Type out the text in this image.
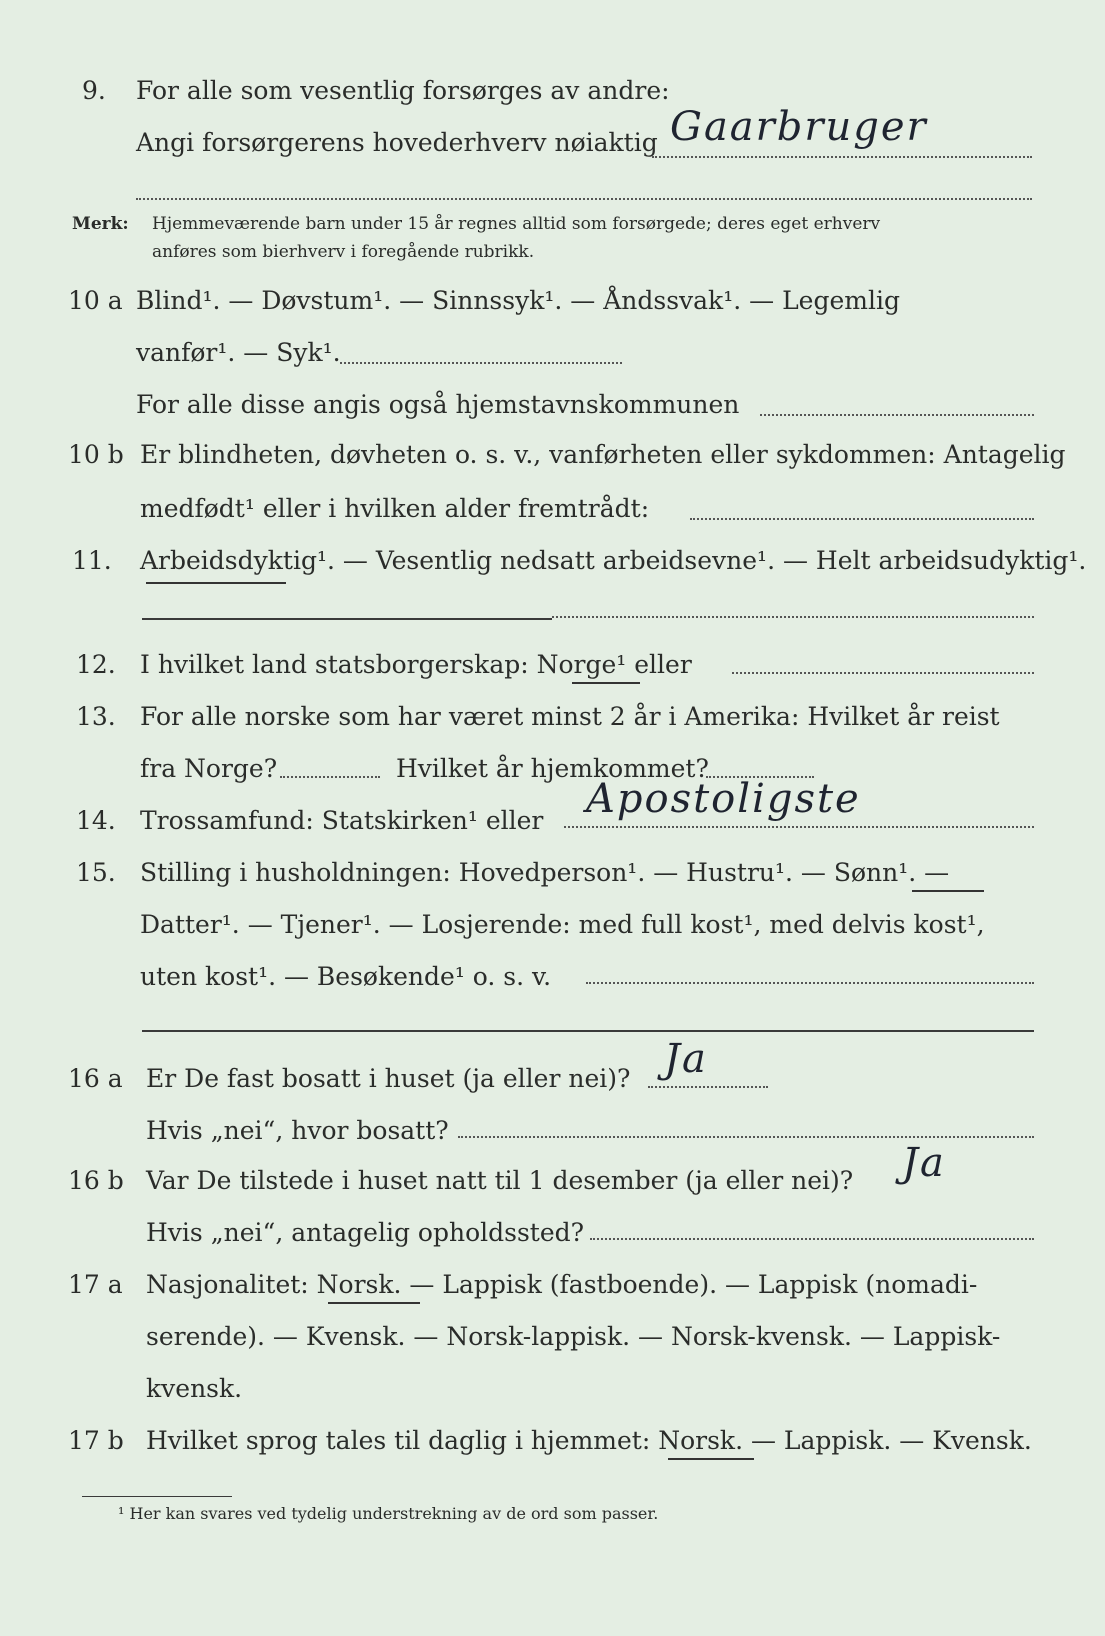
9. For alle som vesentlig forsørges av andre:
Angi forsørgerens hovederhverv nøiaktig Gaarbruger
Merk: Hjemmeværende barn under 15 år regnes alltid som forsørgede; deres eget erhverv
anføres som bierhverv i foregående rubrikk.
10 a Blind¹. — Døvstum¹. — Sinnssyk¹. — Åndssvak¹. — Legemlig
vanfør¹. — Syk¹.
For alle disse angis også hjemstavnskommunen
10 b Er blindheten, døvheten o. s. v., vanførheten eller sykdommen: Antagelig
medfødt¹ eller i hvilken alder fremtrådt:
11. Arbeidsdyktig¹. — Vesentlig nedsatt arbeidsevne¹. — Helt arbeidsudyktig¹.
12. I hvilket land statsborgerskap: Norge¹ eller
13. For alle norske som har været minst 2 år i Amerika: Hvilket år reist
fra Norge?	Hvilket år hjemkommet?
14. Trossamfund: Statskirken¹ eller Apostoligste
15. Stilling i husholdningen: Hovedperson¹. — Hustru¹. — Sønn¹. —
Datter¹. — Tjener¹. — Losjerende: med full kost¹, med delvis kost¹,
uten kost¹. — Besøkende¹ o. s. v.
16 a Er De fast bosatt i huset (ja eller nei)? Ja
Hvis „nei“, hvor bosatt?
16 b Var De tilstede i huset natt til 1 desember (ja eller nei)? Ja
Hvis „nei“, antagelig opholdssted?
17 a Nasjonalitet: Norsk. — Lappisk (fastboende). — Lappisk (nomadi-
serende). — Kvensk. — Norsk-lappisk. — Norsk-kvensk. — Lappisk-
kvensk.
17 b Hvilket sprog tales til daglig i hjemmet: Norsk. — Lappisk. — Kvensk.
¹ Her kan svares ved tydelig understrekning av de ord som passer.
